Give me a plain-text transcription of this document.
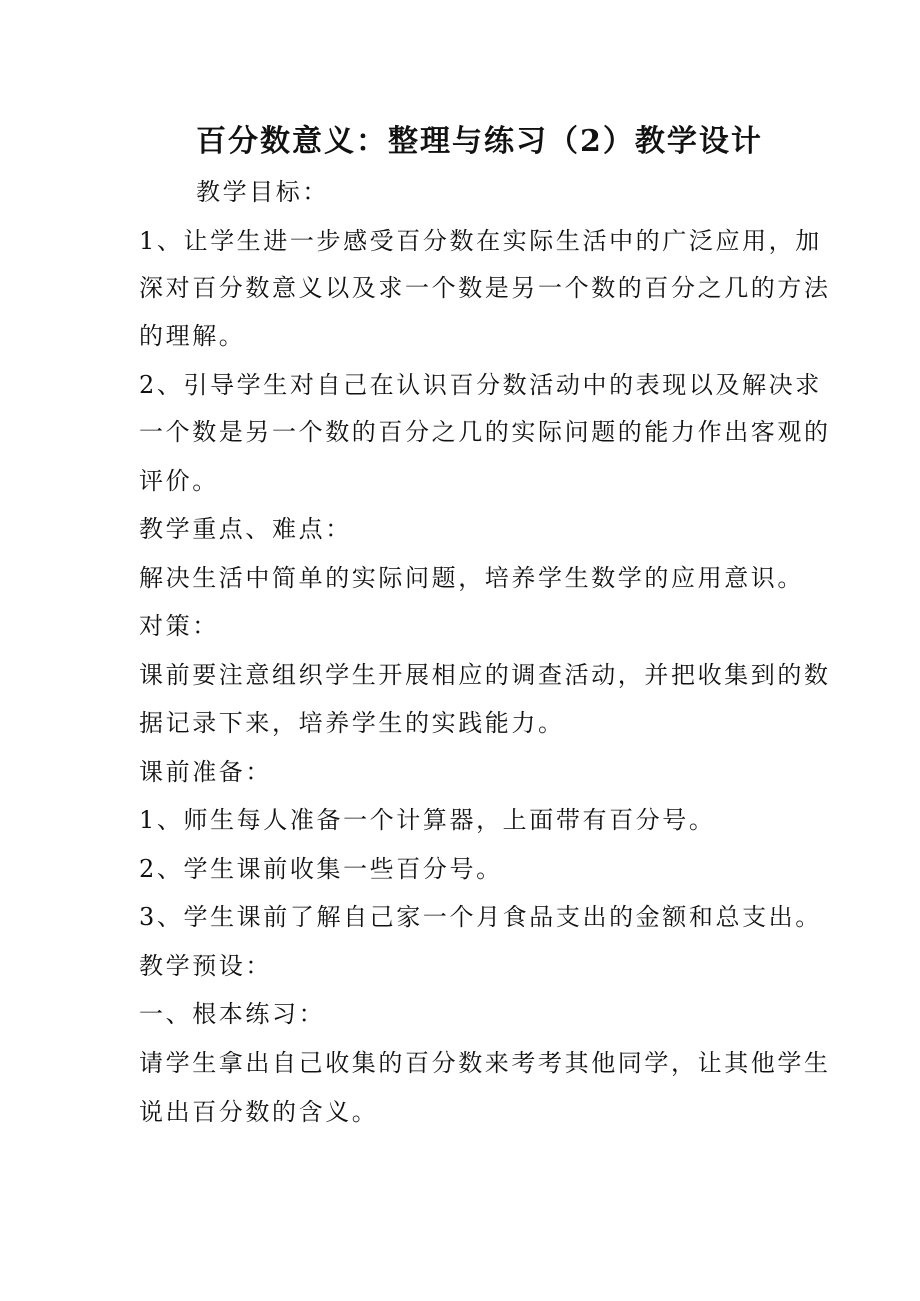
百分数意义：整理与练习（2）教学设计
教学目标：
1、让学生进一步感受百分数在实际生活中的广泛应用，加
深对百分数意义以及求一个数是另一个数的百分之几的方法
的理解。
2、引导学生对自己在认识百分数活动中的表现以及解决求
一个数是另一个数的百分之几的实际问题的能力作出客观的
评价。
教学重点、难点：
解决生活中简单的实际问题，培养学生数学的应用意识。
对策：
课前要注意组织学生开展相应的调查活动，并把收集到的数
据记录下来，培养学生的实践能力。
课前准备：
1、师生每人准备一个计算器，上面带有百分号。
2、学生课前收集一些百分号。
3、学生课前了解自己家一个月食品支出的金额和总支出。
教学预设：
一、根本练习：
请学生拿出自己收集的百分数来考考其他同学，让其他学生
说出百分数的含义。
